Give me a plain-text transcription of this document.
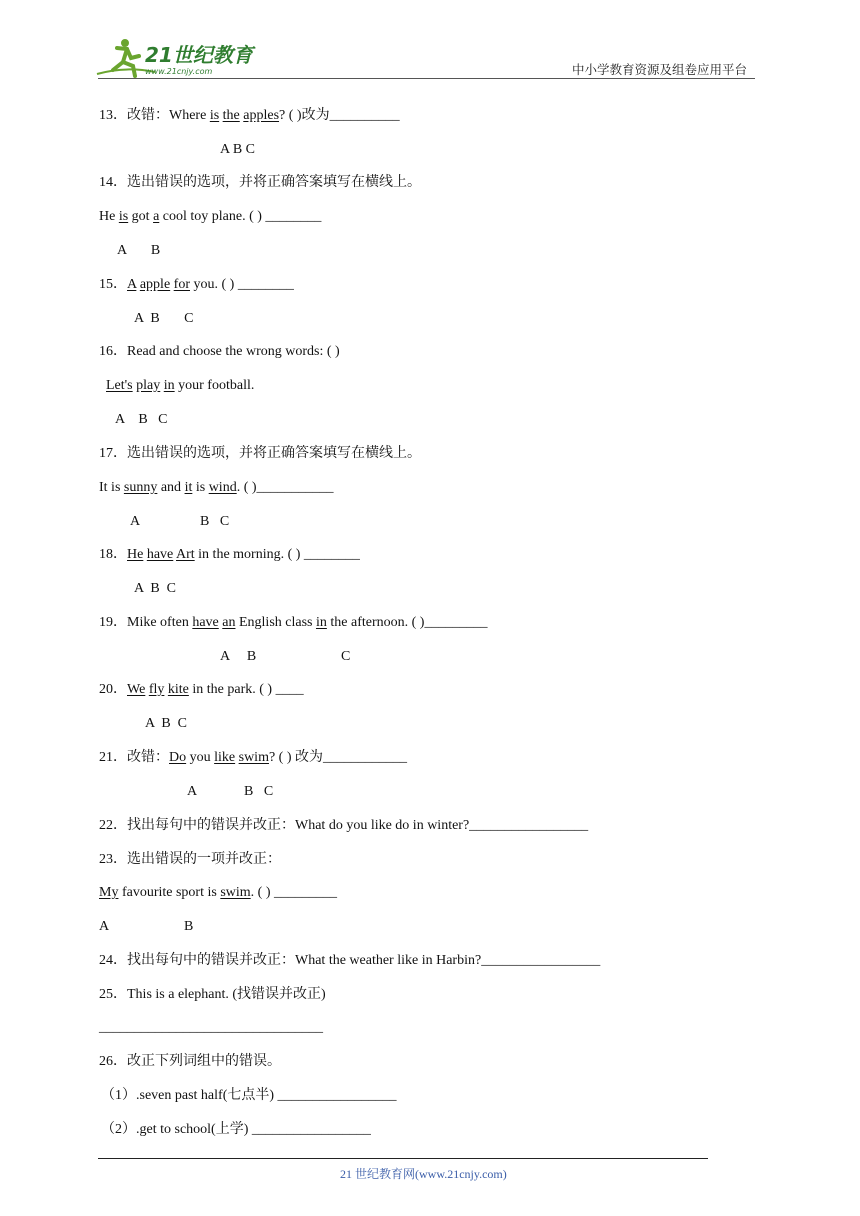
21世纪教育
www.21cnjy.com	中小学教育资源及组卷应用平台
13．改错：Where is the apples? ( )改为__________
A B C
14．选出错误的选项，并将正确答案填写在横线上。
He is got a cool toy plane. ( ) ________
A       B
15．A apple for you. ( ) ________
A  B       C
16．Read and choose the wrong words: ( )
Let's play in your football.
A    B   C
17．选出错误的选项，并将正确答案填写在横线上。
It is sunny and it is wind. ( )___________
A	B   C
18．He have Art in the morning. ( ) ________
A  B  C
19．Mike often have an English class in the afternoon. ( )_________
A     B	C
20．We fly kite in the park. ( ) ____
A  B  C
21．改错：Do you like swim? ( ) 改为____________
A	B   C
22．找出每句中的错误并改正：What do you like do in winter?_________________
23．选出错误的一项并改正：
My favourite sport is swim. ( ) _________
A	B
24．找出每句中的错误并改正：What the weather like in Harbin?_________________
25．This is a elephant. (找错误并改正)
________________________________
26．改正下列词组中的错误。
（1）.seven past half(七点半) _________________
（2）.get to school(上学) _________________
21 世纪教育网(www.21cnjy.com)
